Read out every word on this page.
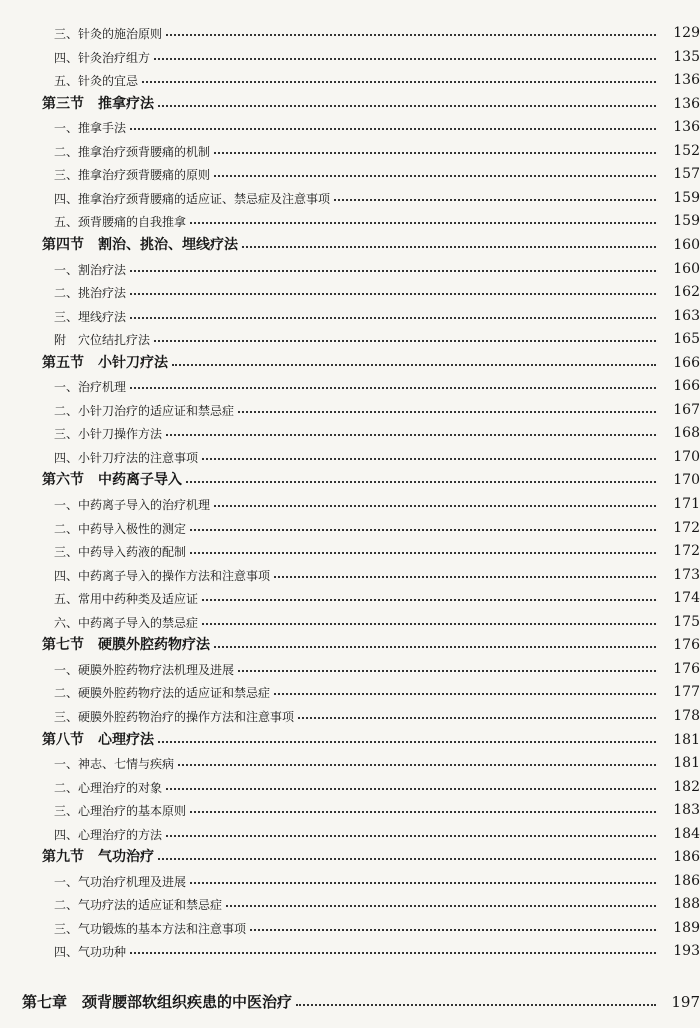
三、针灸的施治原则	129
四、针灸治疗组方	135
五、针灸的宜忌	136
第三节　推拿疗法	136
一、推拿手法	136
二、推拿治疗颈背腰痛的机制	152
三、推拿治疗颈背腰痛的原则	157
四、推拿治疗颈背腰痛的适应证、禁忌症及注意事项	159
五、颈背腰痛的自我推拿	159
第四节　割治、挑治、埋线疗法	160
一、割治疗法	160
二、挑治疗法	162
三、埋线疗法	163
附　穴位结扎疗法	165
第五节　小针刀疗法	166
一、治疗机理	166
二、小针刀治疗的适应证和禁忌症	167
三、小针刀操作方法	168
四、小针刀疗法的注意事项	170
第六节　中药离子导入	170
一、中药离子导入的治疗机理	171
二、中药导入极性的测定	172
三、中药导入药液的配制	172
四、中药离子导入的操作方法和注意事项	173
五、常用中药种类及适应证	174
六、中药离子导入的禁忌症	175
第七节　硬膜外腔药物疗法	176
一、硬膜外腔药物疗法机理及进展	176
二、硬膜外腔药物疗法的适应证和禁忌症	177
三、硬膜外腔药物治疗的操作方法和注意事项	178
第八节　心理疗法	181
一、神志、七情与疾病	181
二、心理治疗的对象	182
三、心理治疗的基本原则	183
四、心理治疗的方法	184
第九节　气功治疗	186
一、气功治疗机理及进展	186
二、气功疗法的适应证和禁忌症	188
三、气功锻炼的基本方法和注意事项	189
四、气功功种	193
第七章　颈背腰部软组织疾患的中医治疗	197
